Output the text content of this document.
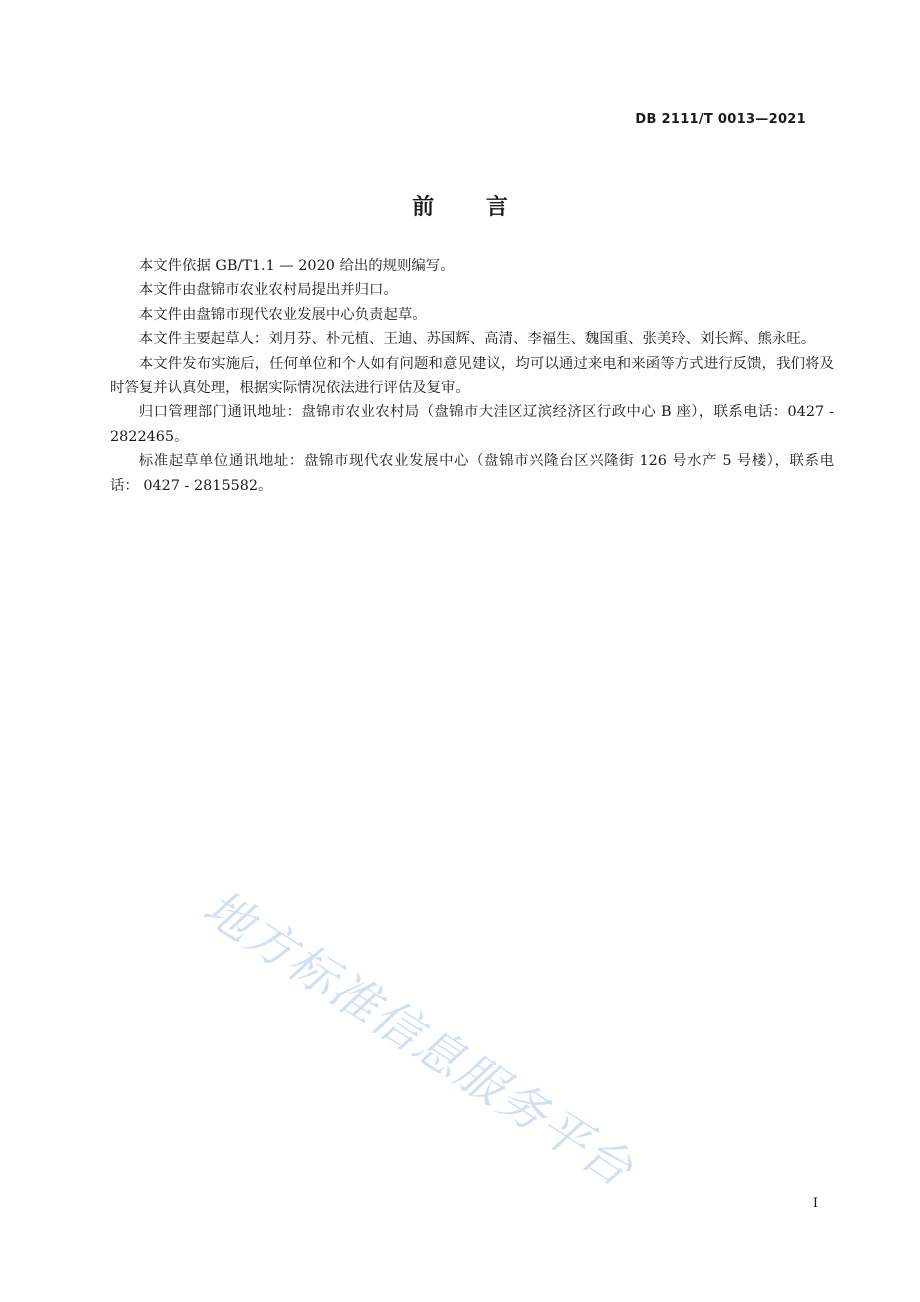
DB 2111/T 0013—2021
前 言

本文件依据 GB/T1.1 — 2020 给出的规则编写。

本文件由盘锦市农业农村局提出并归口。

本文件由盘锦市现代农业发展中心负责起草。

本文件主要起草人：刘月芬、朴元植、王迪、苏国辉、高清、李福生、魏国重、张美玲、刘长辉、熊永旺。

本文件发布实施后，任何单位和个人如有问题和意见建议，均可以通过来电和来函等方式进行反馈，我们将及时答复并认真处理，根据实际情况依法进行评估及复审。

归口管理部门通讯地址：盘锦市农业农村局（盘锦市大洼区辽滨经济区行政中心 B 座），联系电话：0427 - 2822465。

标准起草单位通讯地址：盘锦市现代农业发展中心（盘锦市兴隆台区兴隆街 126 号水产 5 号楼），联系电话： 0427 - 2815582。

地方标准信息服务平台
I
